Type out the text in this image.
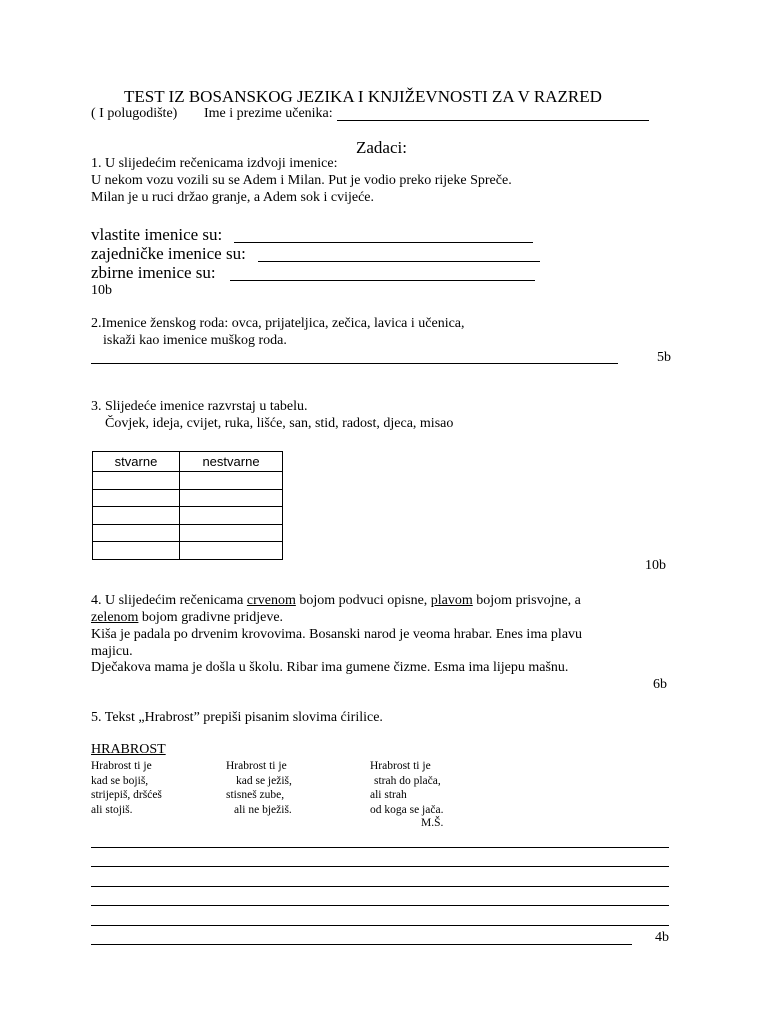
TEST IZ BOSANSKOG JEZIKA I KNJIŽEVNOSTI ZA V RAZRED
( I polugodište) Ime i prezime učenika:
Zadaci:
1. U slijedećim rečenicama izdvoji imenice:
U nekom vozu vozili su se Adem i Milan. Put je vodio preko rijeke Spreče.
Milan je u ruci držao granje, a Adem sok i cvijeće.
vlastite imenice su:
zajedničke imenice su:
zbirne imenice su:
10b
2.Imenice ženskog roda: ovca, prijateljica, zečica, lavica i učenica,
iskaži kao imenice muškog roda.
5b
3. Slijedeće imenice razvrstaj u tabelu.
Čovjek, ideja, cvijet, ruka, lišće, san, stid, radost, djeca, misao
stvarne	nestvarne

10b
4. U slijedećim rečenicama crvenom bojom podvuci opisne, plavom bojom prisvojne, a
zelenom bojom gradivne pridjeve.
Kiša je padala po drvenim krovovima. Bosanski narod je veoma hrabar. Enes ima plavu
majicu.
Dječakova mama je došla u školu. Ribar ima gumene čizme. Esma ima lijepu mašnu.
6b
5. Tekst „Hrabrost” prepiši pisanim slovima ćirilice.
HRABROST
Hrabrost ti je
kad se bojiš,
strijepiš, dršćeš
ali stojiš.
Hrabrost ti je
kad se ježiš,
stisneš zube,
ali ne bježiš.
Hrabrost ti je
strah do plača,
ali strah
od koga se jača.
M.Š.
4b
